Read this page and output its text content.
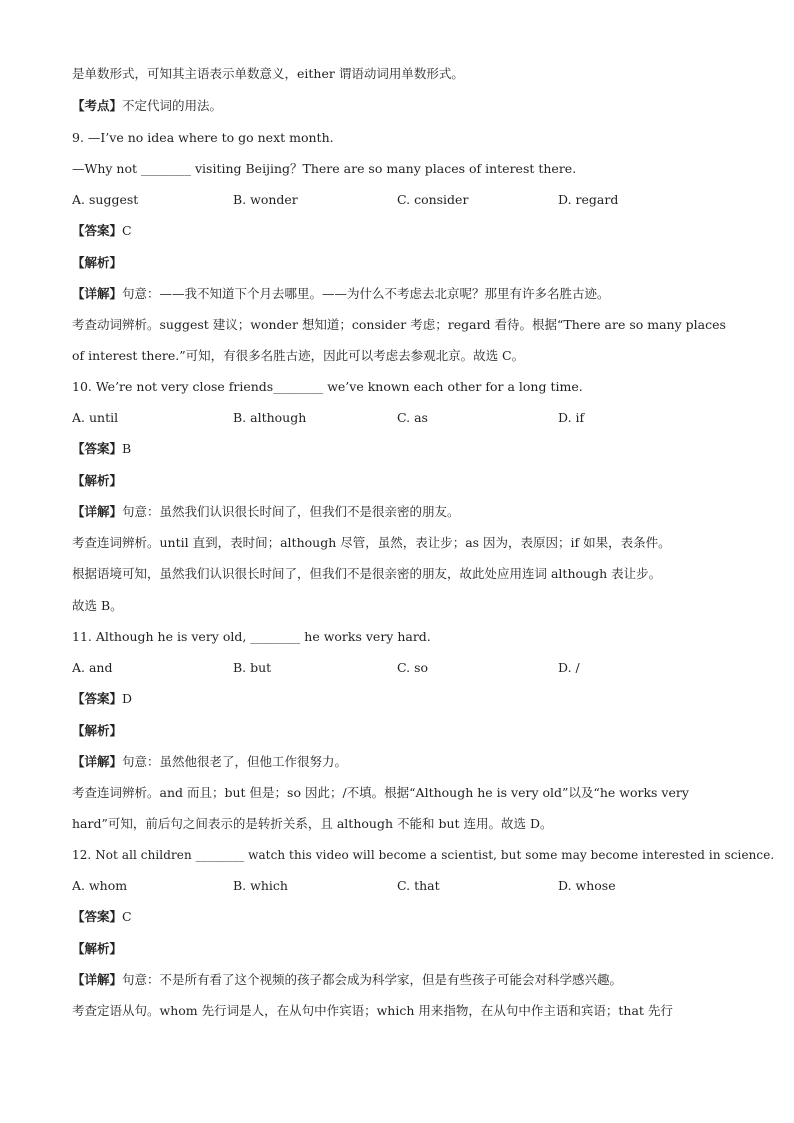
是单数形式，可知其主语表示单数意义，either 谓语动词用单数形式。
【考点】不定代词的用法。
9. —I’ve no idea where to go next month.
—Why not ________ visiting Beijing？There are so many places of interest there.
A. suggest	B. wonder	C. consider	D. regard
【答案】C
【解析】
【详解】句意：——我不知道下个月去哪里。——为什么不考虑去北京呢？那里有许多名胜古迹。
考查动词辨析。suggest 建议；wonder 想知道；consider 考虑；regard 看待。根据“There are so many places
of interest there.”可知，有很多名胜古迹，因此可以考虑去参观北京。故选 C。
10. We’re not very close friends________ we’ve known each other for a long time.
A. until	B. although	C. as	D. if
【答案】B
【解析】
【详解】句意：虽然我们认识很长时间了，但我们不是很亲密的朋友。
考查连词辨析。until 直到，表时间；although 尽管，虽然，表让步；as 因为，表原因；if 如果，表条件。
根据语境可知，虽然我们认识很长时间了，但我们不是很亲密的朋友，故此处应用连词 although 表让步。
故选 B。
11. Although he is very old, ________ he works very hard.
A. and	B. but	C. so	D. /
【答案】D
【解析】
【详解】句意：虽然他很老了，但他工作很努力。
考查连词辨析。and 而且；but 但是；so 因此；/不填。根据“Although he is very old”以及“he works very
hard”可知，前后句之间表示的是转折关系，且 although 不能和 but 连用。故选 D。
12. Not all children ________ watch this video will become a scientist, but some may become interested in science.
A. whom	B. which	C. that	D. whose
【答案】C
【解析】
【详解】句意：不是所有看了这个视频的孩子都会成为科学家，但是有些孩子可能会对科学感兴趣。
考查定语从句。whom 先行词是人，在从句中作宾语；which 用来指物，在从句中作主语和宾语；that 先行
